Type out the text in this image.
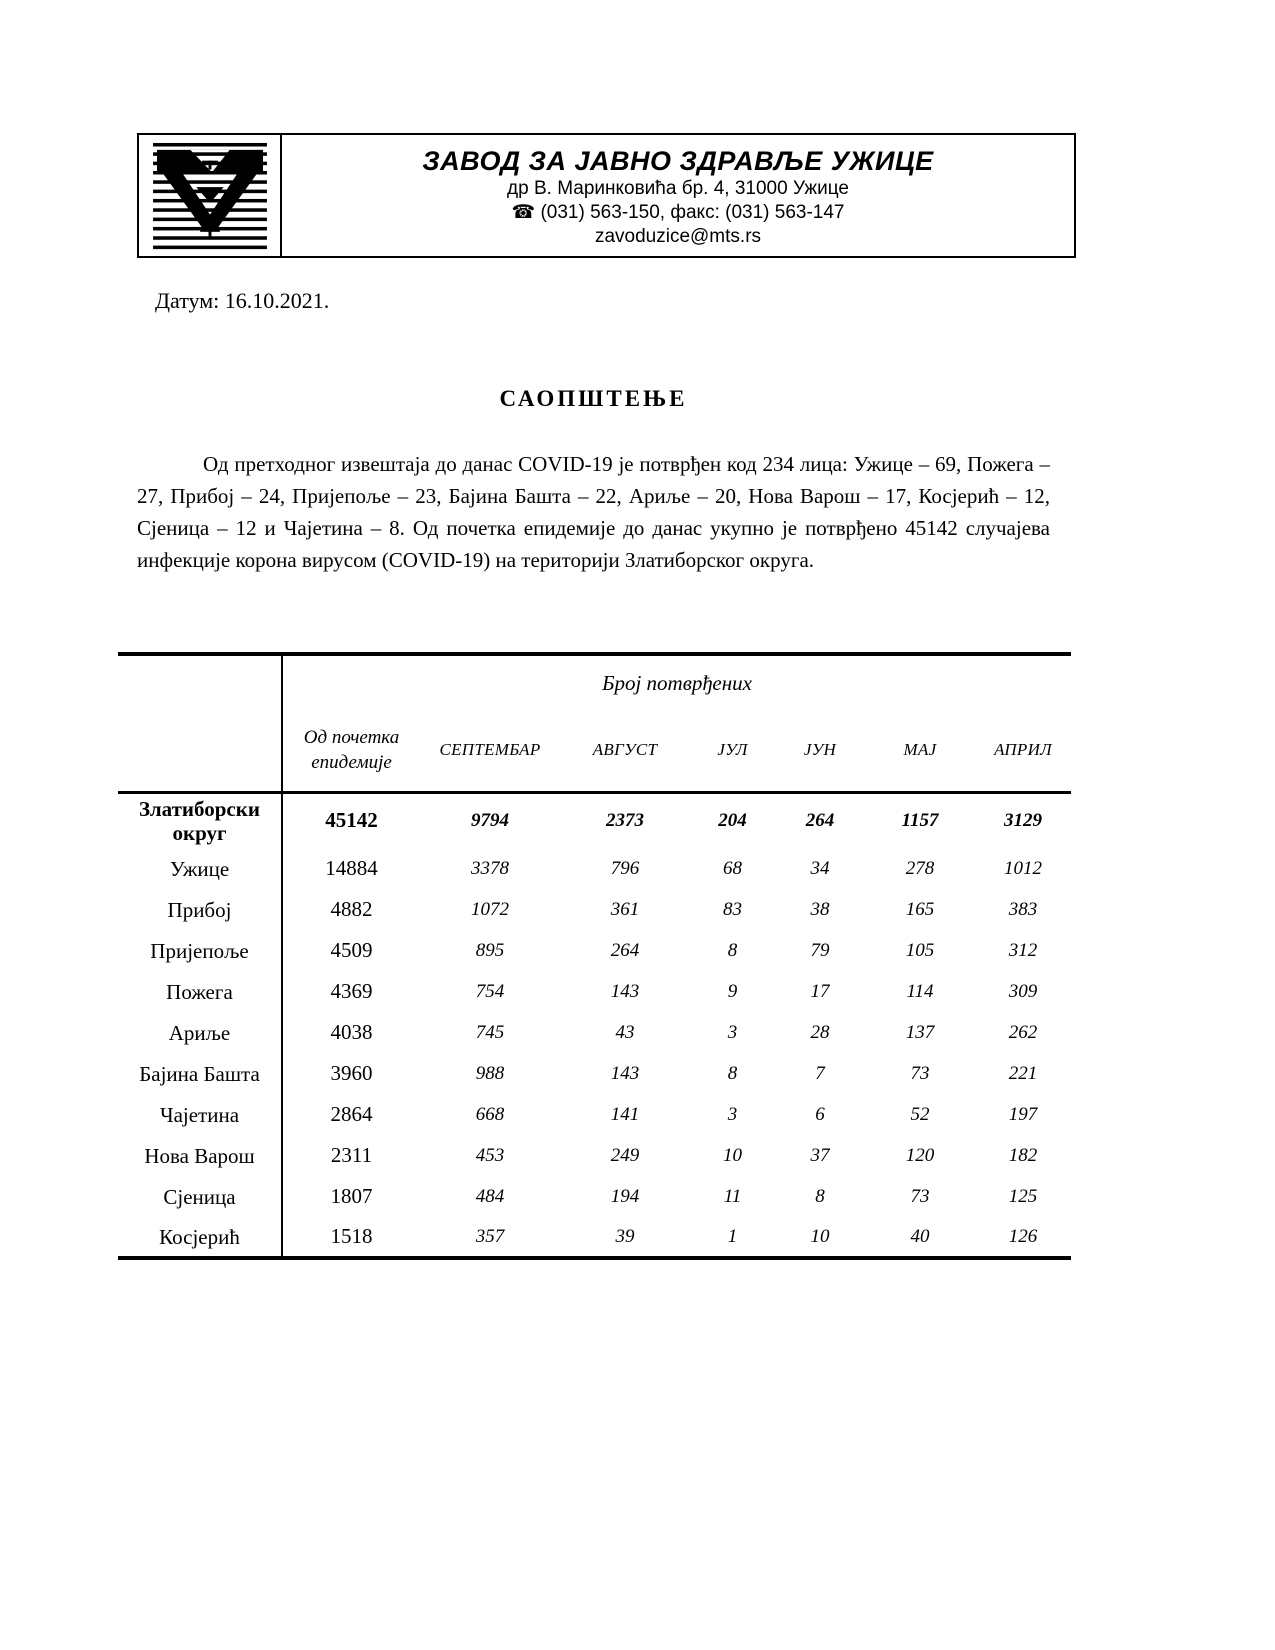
ЗАВОД ЗА ЈАВНО ЗДРАВЉЕ УЖИЦЕ
др В. Маринковића бр. 4, 31000 Ужице
☎ (031) 563-150, факс: (031) 563-147
zavoduzice@mts.rs
Датум: 16.10.2021.
САОПШТЕЊЕ
Од претходног извештаја до данас COVID-19 је потврђен код 234 лица: Ужице – 69, Пожега – 27, Прибој – 24, Пријепоље – 23, Бајина Башта – 22, Ариље – 20, Нова Варош – 17, Косјерић – 12, Сјеница – 12 и Чајетина – 8. Од почетка епидемије до данас укупно је потврђено 45142 случајева инфекције корона вирусом (COVID-19) на територији Златиборског округа.
	Број потврђених						
	Од почетка епидемије	СЕПТЕМБАР	АВГУСТ	ЈУЛ	ЈУН	МАЈ	АПРИЛ
Златиборски округ	45142	9794	2373	204	264	1157	3129
Ужице	14884	3378	796	68	34	278	1012
Прибој	4882	1072	361	83	38	165	383
Пријепоље	4509	895	264	8	79	105	312
Пожега	4369	754	143	9	17	114	309
Ариље	4038	745	43	3	28	137	262
Бајина Башта	3960	988	143	8	7	73	221
Чајетина	2864	668	141	3	6	52	197
Нова Варош	2311	453	249	10	37	120	182
Сјеница	1807	484	194	11	8	73	125
Косјерић	1518	357	39	1	10	40	126
